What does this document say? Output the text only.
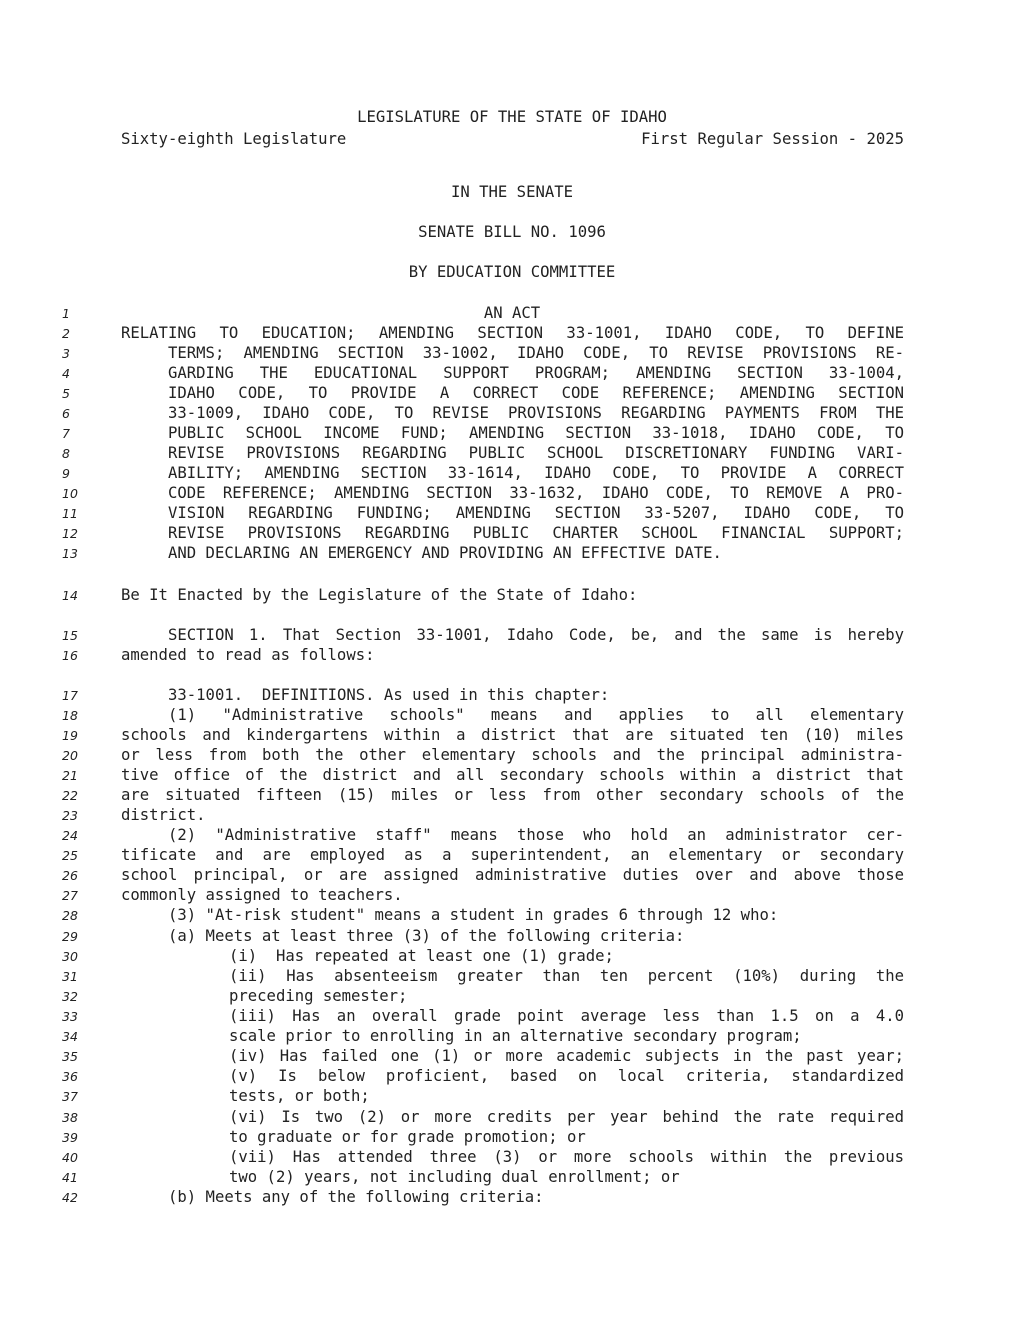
LEGISLATURE OF THE STATE OF IDAHO
Sixty-eighth Legislature	First Regular Session - 2025
IN THE SENATE
SENATE BILL NO. 1096
BY EDUCATION COMMITTEE
1	AN ACT
2	RELATING TO EDUCATION; AMENDING SECTION 33-1001, IDAHO CODE, TO DEFINE
3	TERMS; AMENDING SECTION 33-1002, IDAHO CODE, TO REVISE PROVISIONS RE-
4	GARDING THE EDUCATIONAL SUPPORT PROGRAM; AMENDING SECTION 33-1004,
5	IDAHO CODE, TO PROVIDE A CORRECT CODE REFERENCE; AMENDING SECTION
6	33-1009, IDAHO CODE, TO REVISE PROVISIONS REGARDING PAYMENTS FROM THE
7	PUBLIC SCHOOL INCOME FUND; AMENDING SECTION 33-1018, IDAHO CODE, TO
8	REVISE PROVISIONS REGARDING PUBLIC SCHOOL DISCRETIONARY FUNDING VARI-
9	ABILITY; AMENDING SECTION 33-1614, IDAHO CODE, TO PROVIDE A CORRECT
10	CODE REFERENCE; AMENDING SECTION 33-1632, IDAHO CODE, TO REMOVE A PRO-
11	VISION REGARDING FUNDING; AMENDING SECTION 33-5207, IDAHO CODE, TO
12	REVISE PROVISIONS REGARDING PUBLIC CHARTER SCHOOL FINANCIAL SUPPORT;
13	AND DECLARING AN EMERGENCY AND PROVIDING AN EFFECTIVE DATE.
14	Be It Enacted by the Legislature of the State of Idaho:
15	SECTION 1. That Section 33-1001, Idaho Code, be, and the same is hereby
16	amended to read as follows:
17	33-1001.  DEFINITIONS. As used in this chapter:
18	(1) "Administrative schools" means and applies to all elementary
19	schools and kindergartens within a district that are situated ten (10) miles
20	or less from both the other elementary schools and the principal administra-
21	tive office of the district and all secondary schools within a district that
22	are situated fifteen (15) miles or less from other secondary schools of the
23	district.
24	(2) "Administrative staff" means those who hold an administrator cer-
25	tificate and are employed as a superintendent, an elementary or secondary
26	school principal, or are assigned administrative duties over and above those
27	commonly assigned to teachers.
28	(3) "At-risk student" means a student in grades 6 through 12 who:
29	(a) Meets at least three (3) of the following criteria:
30	(i)  Has repeated at least one (1) grade;
31	(ii) Has absenteeism greater than ten percent (10%) during the
32	preceding semester;
33	(iii) Has an overall grade point average less than 1.5 on a 4.0
34	scale prior to enrolling in an alternative secondary program;
35	(iv) Has failed one (1) or more academic subjects in the past year;
36	(v) Is below proficient, based on local criteria, standardized
37	tests, or both;
38	(vi) Is two (2) or more credits per year behind the rate required
39	to graduate or for grade promotion; or
40	(vii) Has attended three (3) or more schools within the previous
41	two (2) years, not including dual enrollment; or
42	(b) Meets any of the following criteria:
